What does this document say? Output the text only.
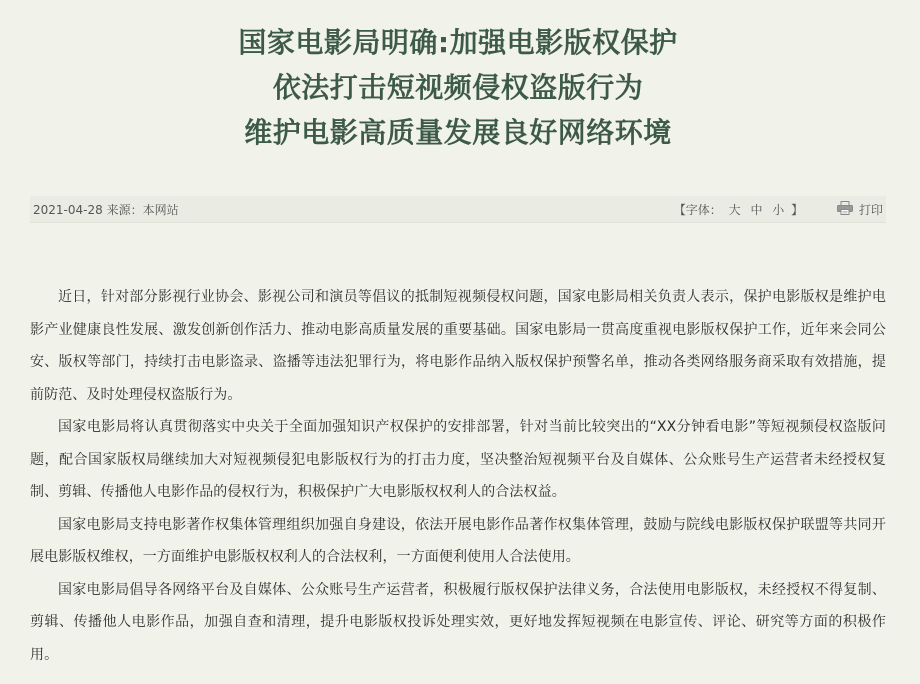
国家电影局明确:加强电影版权保护
依法打击短视频侵权盗版行为
维护电影高质量发展良好网络环境
2021-04-28 来源：本网站	【字体： 大 中 小 】	打印

近日，针对部分影视行业协会、影视公司和演员等倡议的抵制短视频侵权问题，国家电影局相关负责人表示，保护电影版权是维护电影产业健康良性发展、激发创新创作活力、推动电影高质量发展的重要基础。国家电影局一贯高度重视电影版权保护工作，近年来会同公安、版权等部门，持续打击电影盗录、盗播等违法犯罪行为，将电影作品纳入版权保护预警名单，推动各类网络服务商采取有效措施，提前防范、及时处理侵权盗版行为。

国家电影局将认真贯彻落实中央关于全面加强知识产权保护的安排部署，针对当前比较突出的“XX分钟看电影”等短视频侵权盗版问题，配合国家版权局继续加大对短视频侵犯电影版权行为的打击力度，坚决整治短视频平台及自媒体、公众账号生产运营者未经授权复制、剪辑、传播他人电影作品的侵权行为，积极保护广大电影版权权利人的合法权益。

国家电影局支持电影著作权集体管理组织加强自身建设，依法开展电影作品著作权集体管理，鼓励与院线电影版权保护联盟等共同开展电影版权维权，一方面维护电影版权权利人的合法权利，一方面便利使用人合法使用。

国家电影局倡导各网络平台及自媒体、公众账号生产运营者，积极履行版权保护法律义务，合法使用电影版权，未经授权不得复制、剪辑、传播他人电影作品，加强自查和清理，提升电影版权投诉处理实效，更好地发挥短视频在电影宣传、评论、研究等方面的积极作用。
